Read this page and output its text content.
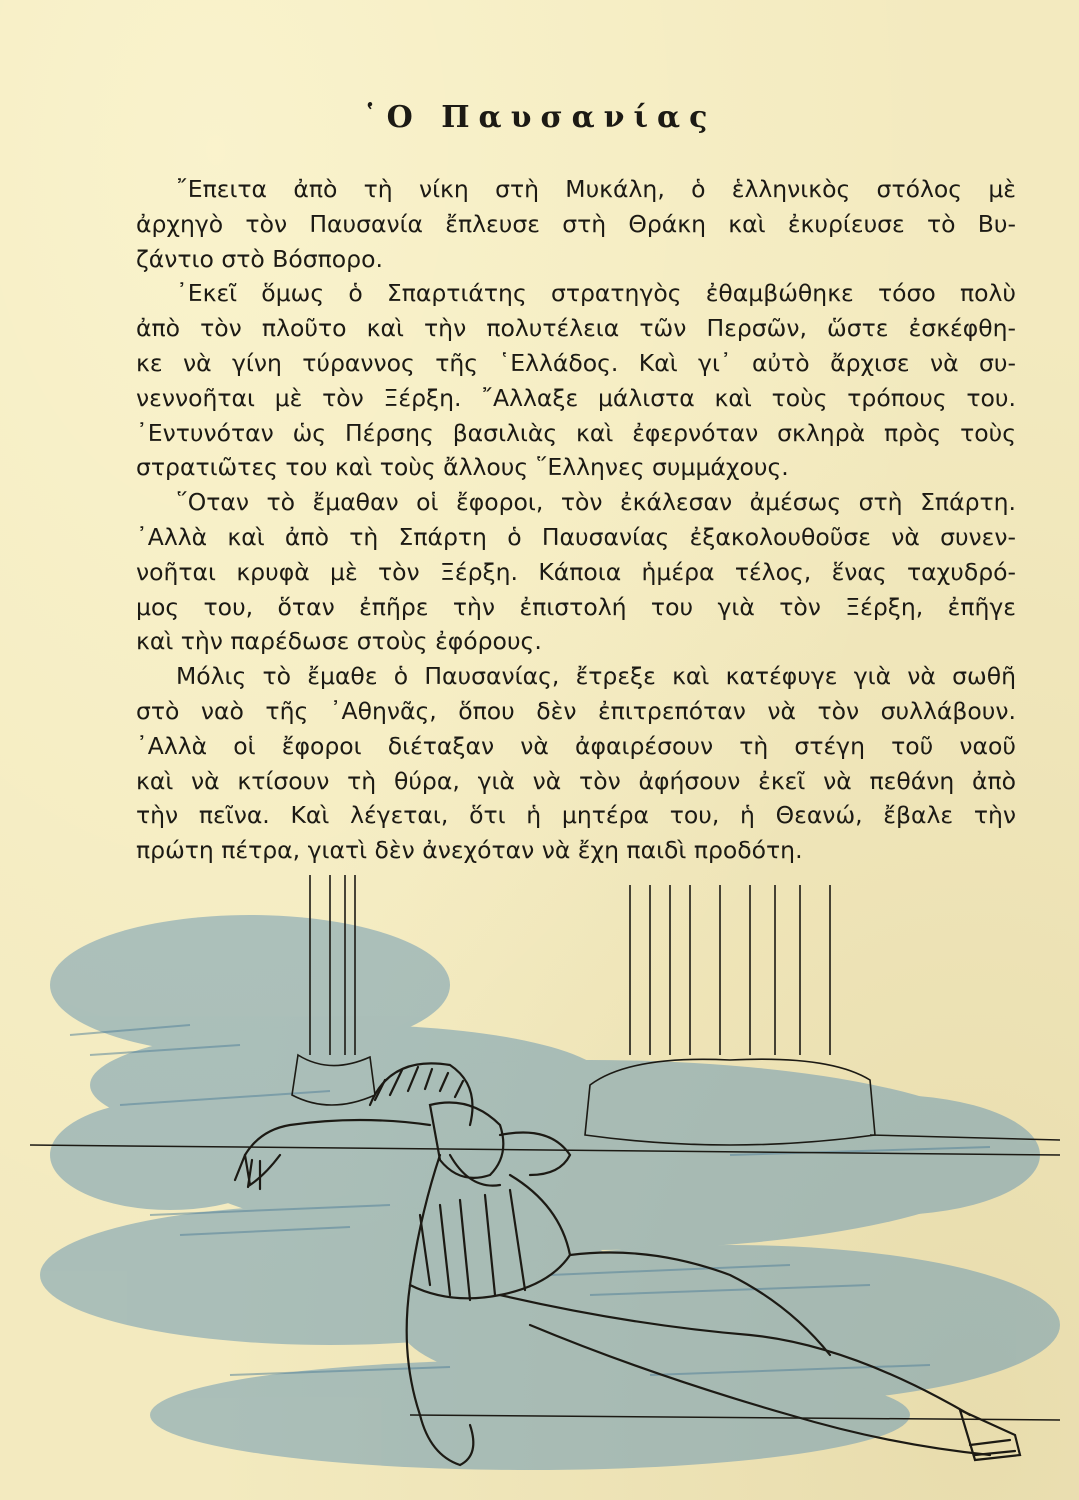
῾Ο Παυσανίας
῎Επειτα ἀπὸ τὴ νίκη στὴ Μυκάλη, ὁ ἑλληνικὸς στόλος μὲ
ἀρχηγὸ τὸν Παυσανία ἔπλευσε στὴ Θράκη καὶ ἐκυρίευσε τὸ Βυ-
ζάντιο στὸ Βόσπορο.
᾿Εκεῖ ὅμως ὁ Σπαρτιάτης στρατηγὸς ἐθαμβώθηκε τόσο πολὺ
ἀπὸ τὸν πλοῦτο καὶ τὴν πολυτέλεια τῶν Περσῶν, ὥστε ἐσκέφθη-
κε νὰ γίνη τύραννος τῆς ῾Ελλάδος. Καὶ γι᾿ αὐτὸ ἄρχισε νὰ συ-
νεννοῆται μὲ τὸν Ξέρξη. ῎Αλλαξε μάλιστα καὶ τοὺς τρόπους του.
᾿Εντυνόταν ὡς Πέρσης βασιλιὰς καὶ ἐφερνόταν σκληρὰ πρὸς τοὺς
στρατιῶτες του καὶ τοὺς ἄλλους ῞Ελληνες συμμάχους.
῞Οταν τὸ ἔμαθαν οἱ ἔφοροι, τὸν ἐκάλεσαν ἀμέσως στὴ Σπάρτη.
᾿Αλλὰ καὶ ἀπὸ τὴ Σπάρτη ὁ Παυσανίας ἐξακολουθοῦσε νὰ συνεν-
νοῆται κρυφὰ μὲ τὸν Ξέρξη. Κάποια ἡμέρα τέλος, ἕνας ταχυδρό-
μος του, ὅταν ἐπῆρε τὴν ἐπιστολή του γιὰ τὸν Ξέρξη, ἐπῆγε
καὶ τὴν παρέδωσε στοὺς ἐφόρους.
Μόλις τὸ ἔμαθε ὁ Παυσανίας, ἔτρεξε καὶ κατέφυγε γιὰ νὰ σωθῆ
στὸ ναὸ τῆς ᾿Αθηνᾶς, ὅπου δὲν ἐπιτρεπόταν νὰ τὸν συλλάβουν.
᾿Αλλὰ οἱ ἔφοροι διέταξαν νὰ ἀφαιρέσουν τὴ στέγη τοῦ ναοῦ
καὶ νὰ κτίσουν τὴ θύρα, γιὰ νὰ τὸν ἀφήσουν ἐκεῖ νὰ πεθάνη ἀπὸ
τὴν πεῖνα. Καὶ λέγεται, ὅτι ἡ μητέρα του, ἡ Θεανώ, ἔβαλε τὴν
πρώτη πέτρα, γιατὶ δὲν ἀνεχόταν νὰ ἔχη παιδὶ προδότη.
